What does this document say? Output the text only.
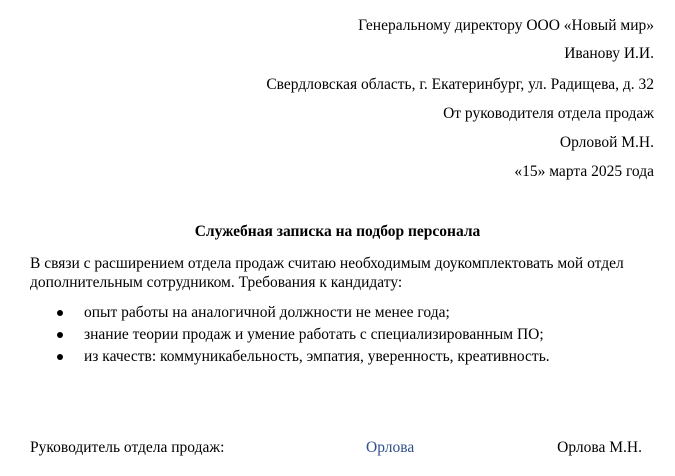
Генеральному директору ООО «Новый мир»
Иванову И.И.
Свердловская область, г. Екатеринбург, ул. Радищева, д. 32
От руководителя отдела продаж
Орловой М.Н.
«15» марта 2025 года
Служебная записка на подбор персонала
В связи с расширением отдела продаж считаю необходимым доукомплектовать мой отдел
дополнительным сотрудником. Требования к кандидату:
опыт работы на аналогичной должности не менее года;
знание теории продаж и умение работать с специализированным ПО;
из качеств: коммуникабельность, эмпатия, уверенность, креативность.
Руководитель отдела продаж:	Орлова	Орлова М.Н.
